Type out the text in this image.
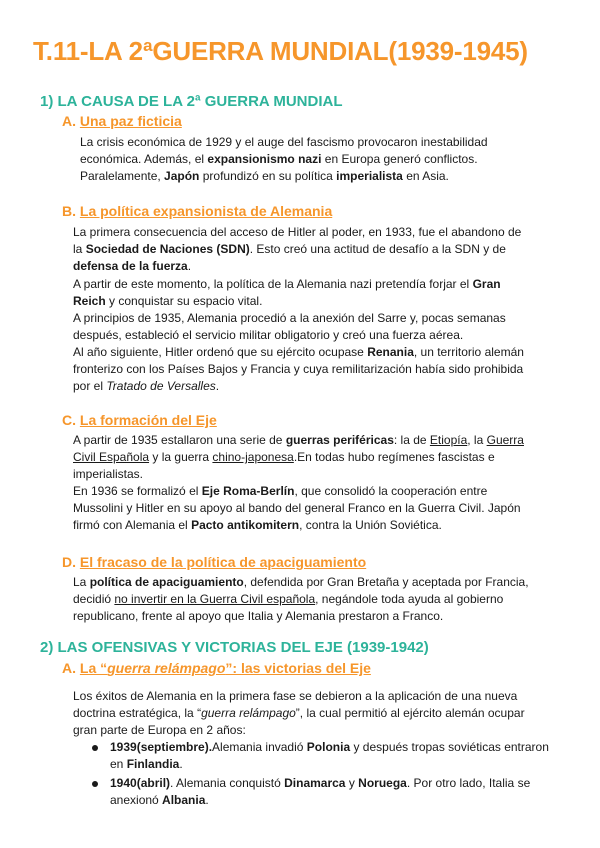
T.11-LA 2ªGUERRA MUNDIAL(1939-1945)
1) LA CAUSA DE LA 2ª GUERRA MUNDIAL
A. Una paz ficticia

La crisis económica de 1929 y el auge del fascismo provocaron inestabilidad económica. Además, el expansionismo nazi en Europa generó conflictos. Paralelamente, Japón profundizó en su política imperialista en Asia.

B. La política expansionista de Alemania

La primera consecuencia del acceso de Hitler al poder, en 1933, fue el abandono de la Sociedad de Naciones (SDN). Esto creó una actitud de desafío a la SDN y de defensa de la fuerza.

A partir de este momento, la política de la Alemania nazi pretendía forjar el Gran Reich y conquistar su espacio vital.

A principios de 1935, Alemania procedió a la anexión del Sarre y, pocas semanas después, estableció el servicio militar obligatorio y creó una fuerza aérea.

Al año siguiente, Hitler ordenó que su ejército ocupase Renania, un territorio alemán fronterizo con los Países Bajos y Francia y cuya remilitarización había sido prohibida por el Tratado de Versalles.

C. La formación del Eje

A partir de 1935 estallaron una serie de guerras periféricas: la de Etiopía, la Guerra Civil Española y la guerra chino-japonesa.En todas hubo regímenes fascistas e imperialistas.

En 1936 se formalizó el Eje Roma-Berlín, que consolidó la cooperación entre Mussolini y Hitler en su apoyo al bando del general Franco en la Guerra Civil. Japón firmó con Alemania el Pacto antikomitern, contra la Unión Soviética.

D. El fracaso de la política de apaciguamiento

La política de apaciguamiento, defendida por Gran Bretaña y aceptada por Francia, decidió no invertir en la Guerra Civil española, negándole toda ayuda al gobierno republicano, frente al apoyo que Italia y Alemania prestaron a Franco.

2) LAS OFENSIVAS Y VICTORIAS DEL EJE (1939-1942)
A. La “guerra relámpago”: las victorias del Eje

Los éxitos de Alemania en la primera fase se debieron a la aplicación de una nueva doctrina estratégica, la “guerra relámpago”, la cual permitió al ejército alemán ocupar gran parte de Europa en 2 años:

1939(septiembre).Alemania invadió Polonia y después tropas soviéticas entraron en Finlandia.
1940(abril). Alemania conquistó Dinamarca y Noruega. Por otro lado, Italia se anexionó Albania.
